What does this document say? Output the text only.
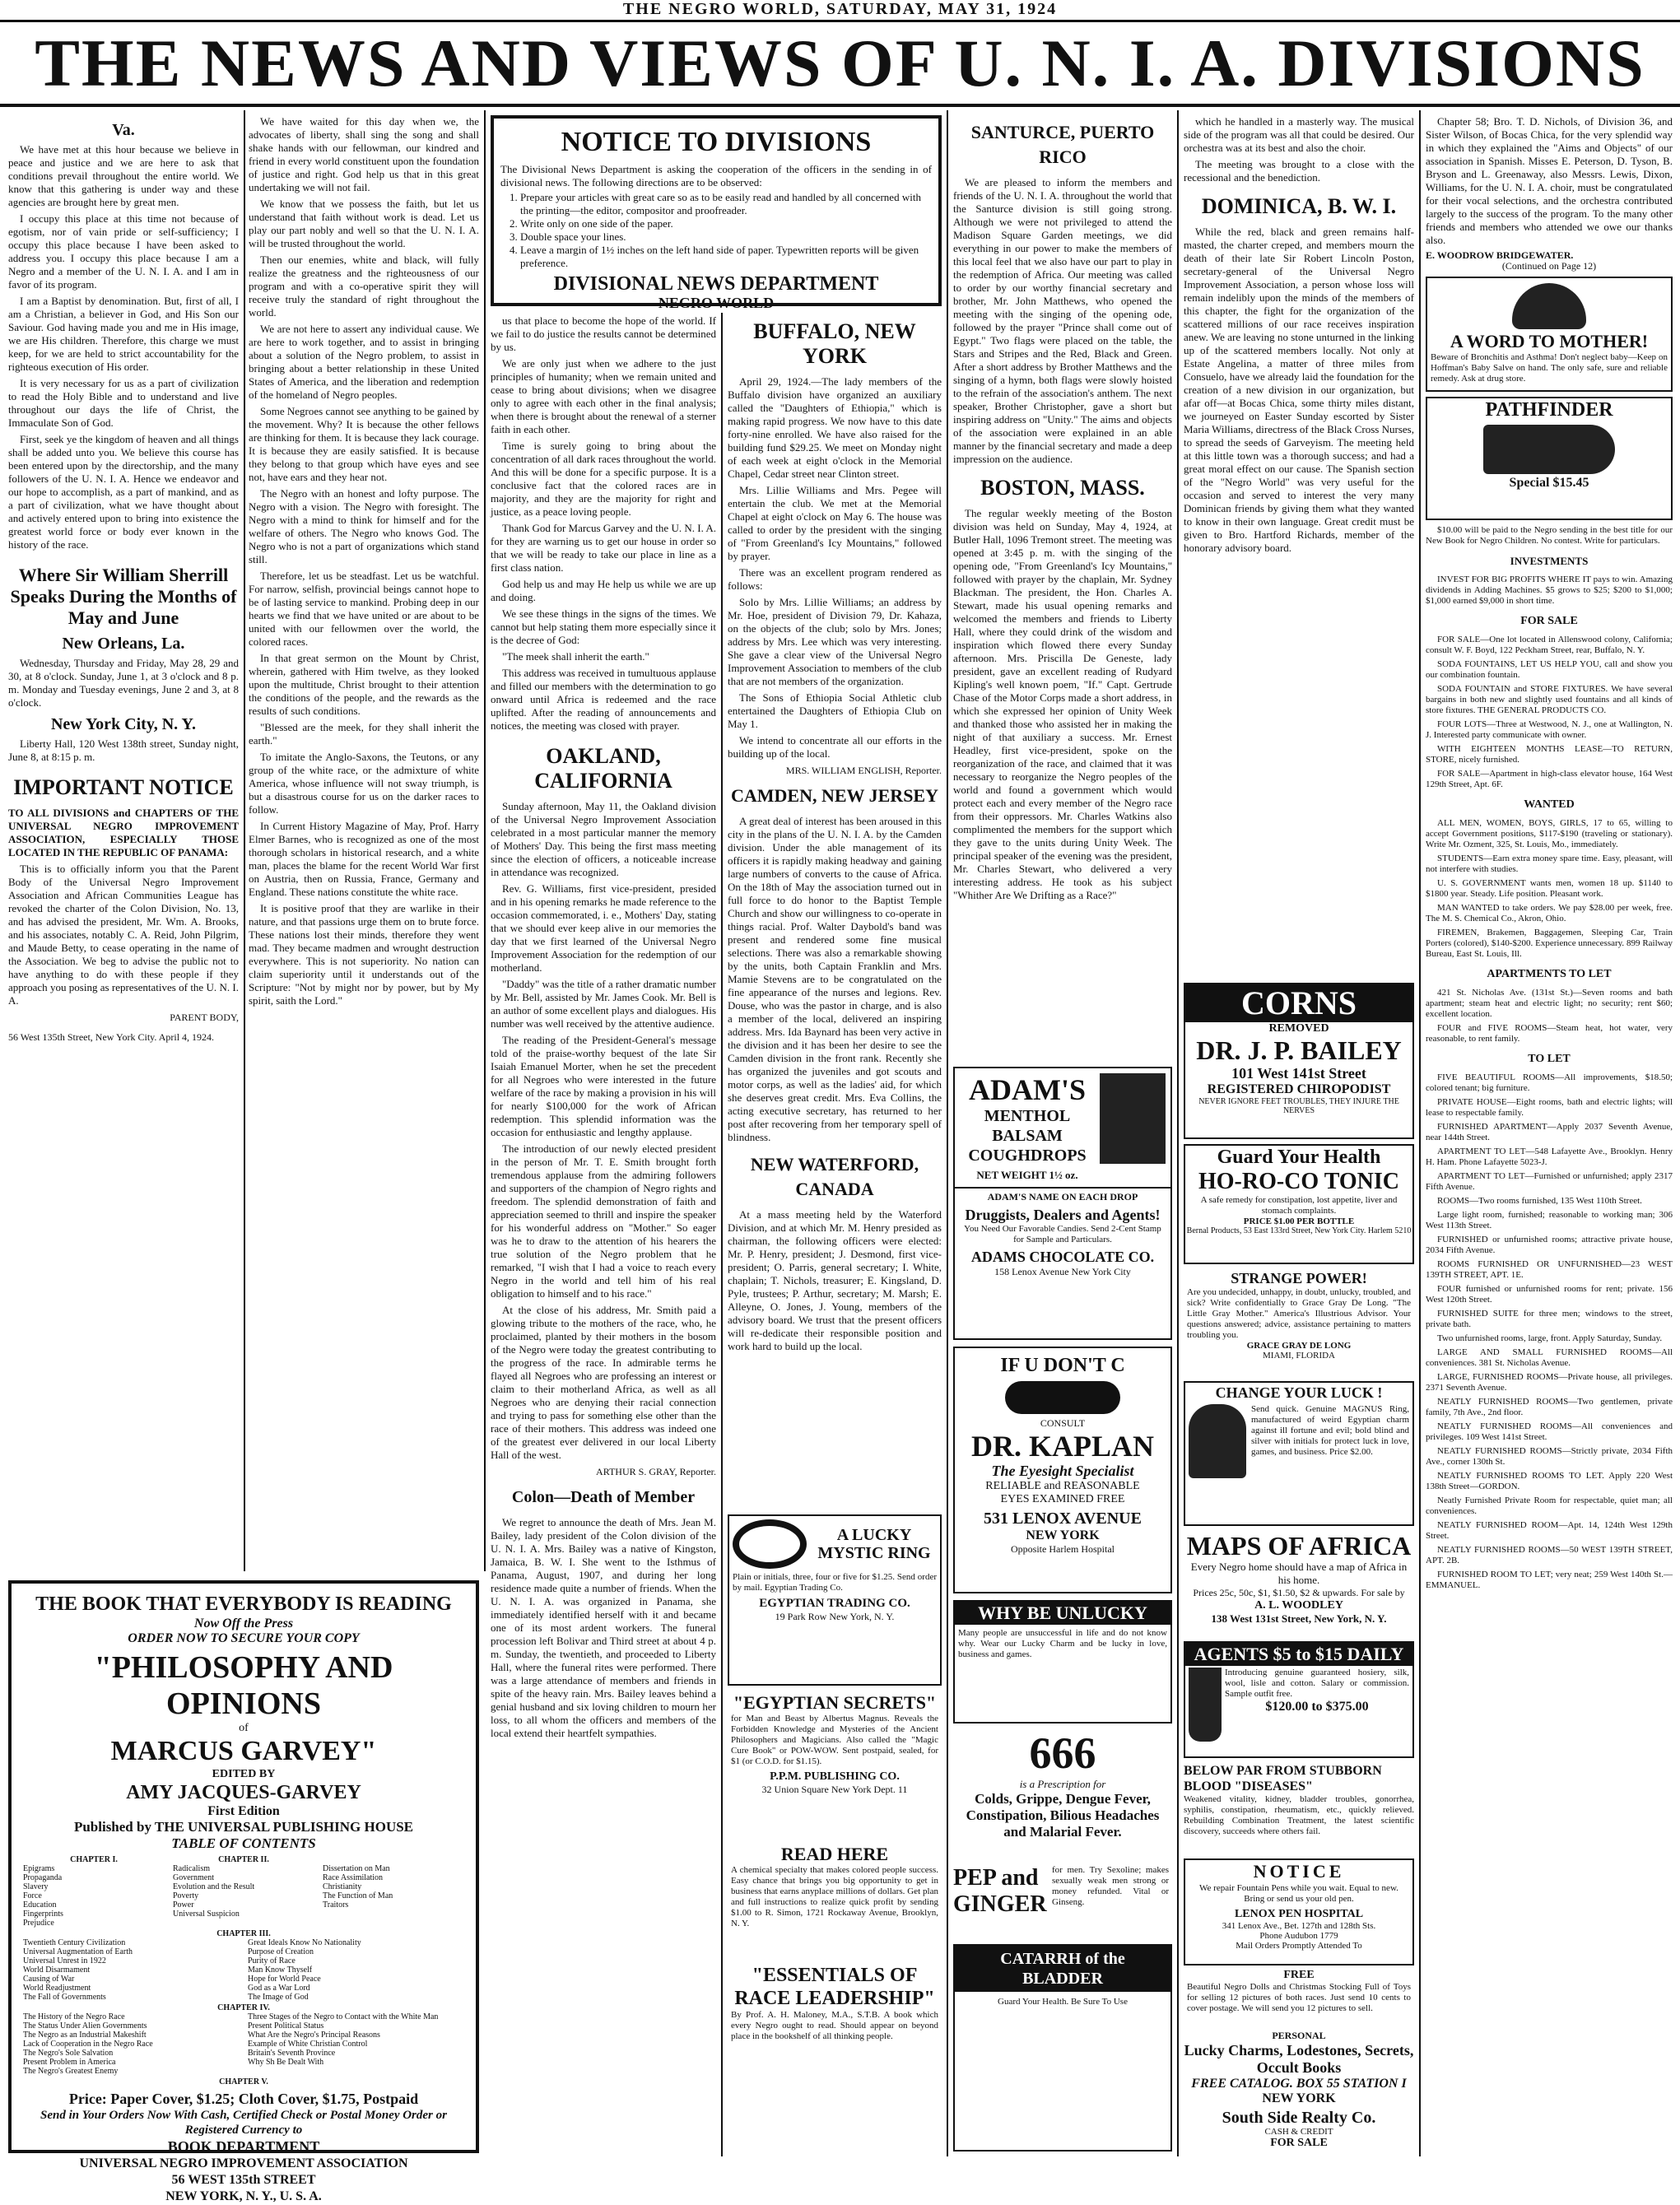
THE NEGRO WORLD, SATURDAY, MAY 31, 1924
THE NEWS AND VIEWS OF U. N. I. A. DIVISIONS
Va.

We have met at this hour because we believe in peace and justice and we are here to ask that conditions prevail throughout the entire world. We know that this gathering is under way and these agencies are brought here by great men.

I occupy this place at this time not because of egotism, nor of vain pride or self-sufficiency; I occupy this place because I have been asked to address you. I occupy this place because I am a Negro and a member of the U. N. I. A. and I am in favor of its program.

I am a Baptist by denomination. But, first of all, I am a Christian, a believer in God, and His Son our Saviour. God having made you and me in His image, we are His children. Therefore, this charge we must keep, for we are held to strict accountability for the righteous execution of His order.

It is very necessary for us as a part of civilization to read the Holy Bible and to understand and live throughout our days the life of Christ, the Immaculate Son of God.

First, seek ye the kingdom of heaven and all things shall be added unto you. We believe this course has been entered upon by the directorship, and the many followers of the U. N. I. A. Hence we endeavor and our hope to accomplish, as a part of mankind, and as a part of civilization, what we have thought about and actively entered upon to bring into existence the greatest world force or body ever known in the history of the race.

Where Sir William Sherrill Speaks During the Months of May and June
New Orleans, La.

Wednesday, Thursday and Friday, May 28, 29 and 30, at 8 o'clock. Sunday, June 1, at 3 o'clock and 8 p. m. Monday and Tuesday evenings, June 2 and 3, at 8 o'clock.

New York City, N. Y.

Liberty Hall, 120 West 138th street, Sunday night, June 8, at 8:15 p. m.

IMPORTANT NOTICE

TO ALL DIVISIONS and CHAPTERS OF THE UNIVERSAL NEGRO IMPROVEMENT ASSOCIATION, ESPECIALLY THOSE LOCATED IN THE REPUBLIC OF PANAMA:

This is to officially inform you that the Parent Body of the Universal Negro Improvement Association and African Communities League has revoked the charter of the Colon Division, No. 13, and has advised the president, Mr. Wm. A. Brooks, and his associates, notably C. A. Reid, John Pilgrim, and Maude Betty, to cease operating in the name of the Association. We beg to advise the public not to have anything to do with these people if they approach you posing as representatives of the U. N. I. A.

PARENT BODY,
56 West 135th Street, New York City. April 4, 1924.

We have waited for this day when we, the advocates of liberty, shall sing the song and shall shake hands with our fellowman, our kindred and friend in every world constituent upon the foundation of justice and right. God help us that in this great undertaking we will not fail.

We know that we possess the faith, but let us understand that faith without work is dead. Let us play our part nobly and well so that the U. N. I. A. will be trusted throughout the world.

Then our enemies, white and black, will fully realize the greatness and the righteousness of our program and with a co-operative spirit they will receive truly the standard of right throughout the world.

We are not here to assert any individual cause. We are here to work together, and to assist in bringing about a solution of the Negro problem, to assist in bringing about a better relationship in these United States of America, and the liberation and redemption of the homeland of Negro peoples.

Some Negroes cannot see anything to be gained by the movement. Why? It is because the other fellows are thinking for them. It is because they lack courage. It is because they are easily satisfied. It is because they belong to that group which have eyes and see not, have ears and they hear not.

The Negro with an honest and lofty purpose. The Negro with a vision. The Negro with foresight. The Negro with a mind to think for himself and for the welfare of others. The Negro who knows God. The Negro who is not a part of organizations which stand still.

Therefore, let us be steadfast. Let us be watchful. For narrow, selfish, provincial beings cannot hope to be of lasting service to mankind. Probing deep in our hearts we find that we have united or are about to be united with our fellowmen over the world, the colored races.

In that great sermon on the Mount by Christ, wherein, gathered with Him twelve, as they looked upon the multitude, Christ brought to their attention the conditions of the people, and the rewards as the results of such conditions.

"Blessed are the meek, for they shall inherit the earth."

To imitate the Anglo-Saxons, the Teutons, or any group of the white race, or the admixture of white America, whose influence will not sway triumph, is but a disastrous course for us on the darker races to follow.

In Current History Magazine of May, Prof. Harry Elmer Barnes, who is recognized as one of the most thorough scholars in historical research, and a white man, places the blame for the recent World War first on Austria, then on Russia, France, Germany and England. These nations constitute the white race.

It is positive proof that they are warlike in their nature, and that passions urge them on to brute force. These nations lost their minds, therefore they went mad. They became madmen and wrought destruction everywhere. This is not superiority. No nation can claim superiority until it understands out of the Scripture: "Not by might nor by power, but by My spirit, saith the Lord."

NOTICE TO DIVISIONS
The Divisional News Department is asking the cooperation of the officers in the sending in of divisional news. The following directions are to be observed:
1. Prepare your articles with great care so as to be easily read and handled by all concerned with the printing—the editor, compositor and proofreader.
2. Write only on one side of the paper.
3. Double space your lines.
4. Leave a margin of 1½ inches on the left hand side of paper. Typewritten reports will be given preference.
DIVISIONAL NEWS DEPARTMENT
NEGRO WORLD

us that place to become the hope of the world. If we fail to do justice the results cannot be determined by us.

We are only just when we adhere to the just principles of humanity; when we remain united and cease to bring about divisions; when we disagree only to agree with each other in the final analysis; when there is brought about the renewal of a sterner faith in each other.

Time is surely going to bring about the concentration of all dark races throughout the world. And this will be done for a specific purpose. It is a conclusive fact that the colored races are in majority, and they are the majority for right and justice, as a peace loving people.

Thank God for Marcus Garvey and the U. N. I. A. for they are warning us to get our house in order so that we will be ready to take our place in line as a first class nation.

God help us and may He help us while we are up and doing.

We see these things in the signs of the times. We cannot but help stating them more especially since it is the decree of God:

"The meek shall inherit the earth."

This address was received in tumultuous applause and filled our members with the determination to go onward until Africa is redeemed and the race uplifted. After the reading of announcements and notices, the meeting was closed with prayer.

OAKLAND, CALIFORNIA

Sunday afternoon, May 11, the Oakland division of the Universal Negro Improvement Association celebrated in a most particular manner the memory of Mothers' Day. This being the first mass meeting since the election of officers, a noticeable increase in attendance was recognized.

Rev. G. Williams, first vice-president, presided and in his opening remarks he made reference to the occasion commemorated, i. e., Mothers' Day, stating that we should ever keep alive in our memories the day that we first learned of the Universal Negro Improvement Association for the redemption of our motherland.

"Daddy" was the title of a rather dramatic number by Mr. Bell, assisted by Mr. James Cook. Mr. Bell is an author of some excellent plays and dialogues. His number was well received by the attentive audience.

The reading of the President-General's message told of the praise-worthy bequest of the late Sir Isaiah Emanuel Morter, when he set the precedent for all Negroes who were interested in the future welfare of the race by making a provision in his will for nearly $100,000 for the work of African redemption. This splendid information was the occasion for enthusiastic and lengthy applause.

The introduction of our newly elected president in the person of Mr. T. E. Smith brought forth tremendous applause from the admiring followers and supporters of the champion of Negro rights and freedom. The splendid demonstration of faith and appreciation seemed to thrill and inspire the speaker for his wonderful address on "Mother." So eager was he to draw to the attention of his hearers the true solution of the Negro problem that he remarked, "I wish that I had a voice to reach every Negro in the world and tell him of his real obligation to himself and to his race."

At the close of his address, Mr. Smith paid a glowing tribute to the mothers of the race, who, he proclaimed, planted by their mothers in the bosom of the Negro were today the greatest contributing to the progress of the race. In admirable terms he flayed all Negroes who are professing an interest or claim to their motherland Africa, as well as all Negroes who are denying their racial connection and trying to pass for something else other than the race of their mothers. This address was indeed one of the greatest ever delivered in our local Liberty Hall of the west.

ARTHUR S. GRAY, Reporter.
Colon—Death of Member

We regret to announce the death of Mrs. Jean M. Bailey, lady president of the Colon division of the U. N. I. A. Mrs. Bailey was a native of Kingston, Jamaica, B. W. I. She went to the Isthmus of Panama, August, 1907, and during her long residence made quite a number of friends. When the U. N. I. A. was organized in Panama, she immediately identified herself with it and became one of its most ardent workers. The funeral procession left Bolivar and Third street at about 4 p. m. Sunday, the twentieth, and proceeded to Liberty Hall, where the funeral rites were performed. There was a large attendance of members and friends in spite of the heavy rain. Mrs. Bailey leaves behind a genial husband and six loving children to mourn her loss, to all whom the officers and members of the local extend their heartfelt sympathies.

BUFFALO, NEW YORK

April 29, 1924.—The lady members of the Buffalo division have organized an auxiliary called the "Daughters of Ethiopia," which is making rapid progress. We now have to this date forty-nine enrolled. We have also raised for the building fund $29.25. We meet on Monday night of each week at eight o'clock in the Memorial Chapel, Cedar street near Clinton street.

Mrs. Lillie Williams and Mrs. Pegee will entertain the club. We met at the Memorial Chapel at eight o'clock on May 6. The house was called to order by the president with the singing of "From Greenland's Icy Mountains," followed by prayer.

There was an excellent program rendered as follows:

Solo by Mrs. Lillie Williams; an address by Mr. Hoe, president of Division 79, Dr. Kahaza, on the objects of the club; solo by Mrs. Jones; address by Mrs. Lee which was very interesting. She gave a clear view of the Universal Negro Improvement Association to members of the club that are not members of the organization.

The Sons of Ethiopia Social Athletic club entertained the Daughters of Ethiopia Club on May 1.

We intend to concentrate all our efforts in the building up of the local.

MRS. WILLIAM ENGLISH, Reporter.
CAMDEN, NEW JERSEY

A great deal of interest has been aroused in this city in the plans of the U. N. I. A. by the Camden division. Under the able management of its officers it is rapidly making headway and gaining large numbers of converts to the cause of Africa. On the 18th of May the association turned out in full force to do honor to the Baptist Temple Church and show our willingness to co-operate in things racial. Prof. Walter Daybold's band was present and rendered some fine musical selections. There was also a remarkable showing by the units, both Captain Franklin and Mrs. Mamie Stevens are to be congratulated on the fine appearance of the nurses and legions. Rev. Douse, who was the pastor in charge, and is also a member of the local, delivered an inspiring address. Mrs. Ida Baynard has been very active in the division and it has been her desire to see the Camden division in the front rank. Recently she has organized the juveniles and got scouts and motor corps, as well as the ladies' aid, for which she deserves great credit. Mrs. Eva Collins, the acting executive secretary, has returned to her post after recovering from her temporary spell of blindness.

NEW WATERFORD, CANADA

At a mass meeting held by the Waterford Division, and at which Mr. M. Henry presided as chairman, the following officers were elected: Mr. P. Henry, president; J. Desmond, first vice-president; O. Parris, general secretary; I. White, chaplain; T. Nichols, treasurer; E. Kingsland, D. Pyle, trustees; P. Arthur, secretary; M. Marsh; E. Alleyne, O. Jones, J. Young, members of the advisory board. We trust that the present officers will re-dedicate their responsible position and work hard to build up the local.

A LUCKY MYSTIC RING
Plain or initials, three, four or five for $1.25. Send order by mail. Egyptian Trading Co.
EGYPTIAN TRADING CO.
19 Park Row New York, N. Y.
"EGYPTIAN SECRETS"
for Man and Beast by Albertus Magnus. Reveals the Forbidden Knowledge and Mysteries of the Ancient Philosophers and Magicians. Also called the "Magic Cure Book" or POW-WOW. Sent postpaid, sealed, for $1 (or C.O.D. for $1.15).
P.P.M. PUBLISHING CO.
32 Union Square New York Dept. 11
READ HERE
A chemical specialty that makes colored people success. Easy chance that brings you big opportunity to get in business that earns anyplace millions of dollars. Get plan and full instructions to realize quick profit by sending $1.00 to R. Simon, 1721 Rockaway Avenue, Brooklyn, N. Y.
"ESSENTIALS OF RACE LEADERSHIP"
By Prof. A. H. Maloney, M.A., S.T.B. A book which every Negro ought to read. Should appear on beyond place in the bookshelf of all thinking people.
SANTURCE, PUERTO RICO

We are pleased to inform the members and friends of the U. N. I. A. throughout the world that the Santurce division is still going strong. Although we were not privileged to attend the Madison Square Garden meetings, we did everything in our power to make the members of this local feel that we also have our part to play in the redemption of Africa. Our meeting was called to order by our worthy financial secretary and brother, Mr. John Matthews, who opened the meeting with the singing of the opening ode, followed by the prayer "Prince shall come out of Egypt." Two flags were placed on the table, the Stars and Stripes and the Red, Black and Green. After a short address by Brother Matthews and the singing of a hymn, both flags were slowly hoisted to the refrain of the association's anthem. The next speaker, Brother Christopher, gave a short but inspiring address on "Unity." The aims and objects of the association were explained in an able manner by the financial secretary and made a deep impression on the audience.

BOSTON, MASS.

The regular weekly meeting of the Boston division was held on Sunday, May 4, 1924, at Butler Hall, 1096 Tremont street. The meeting was opened at 3:45 p. m. with the singing of the opening ode, "From Greenland's Icy Mountains," followed with prayer by the chaplain, Mr. Sydney Blackman. The president, the Hon. Charles A. Stewart, made his usual opening remarks and welcomed the members and friends to Liberty Hall, where they could drink of the wisdom and inspiration which flowed there every Sunday afternoon. Mrs. Priscilla De Geneste, lady president, gave an excellent reading of Rudyard Kipling's well known poem, "If." Capt. Gertrude Chase of the Motor Corps made a short address, in which she expressed her opinion of Unity Week and thanked those who assisted her in making the night of that auxiliary a success. Mr. Ernest Headley, first vice-president, spoke on the reorganization of the race, and claimed that it was necessary to reorganize the Negro peoples of the world and found a government which would protect each and every member of the Negro race from their oppressors. Mr. Charles Watkins also complimented the members for the support which they gave to the units during Unity Week. The principal speaker of the evening was the president, Mr. Charles Stewart, who delivered a very interesting address. He took as his subject "Whither Are We Drifting as a Race?"

ADAM'S
MENTHOL BALSAM COUGHDROPS
NET WEIGHT 1½ oz.
ADAM'S NAME ON EACH DROP
Druggists, Dealers and Agents!
You Need Our Favorable Candies. Send 2-Cent Stamp for Sample and Particulars.
ADAMS CHOCOLATE CO.
158 Lenox Avenue New York City
IF U DON'T C
CONSULT
DR. KAPLAN
The Eyesight Specialist
RELIABLE and REASONABLE
EYES EXAMINED FREE
531 LENOX AVENUE
NEW YORK
Opposite Harlem Hospital
WHY BE UNLUCKY
Many people are unsuccessful in life and do not know why. Wear our Lucky Charm and be lucky in love, business and games.
666
is a Prescription for
Colds, Grippe, Dengue Fever, Constipation, Bilious Headaches and Malarial Fever.
PEP and GINGER
for men. Try Sexoline; makes sexually weak men strong or money refunded. Vital or Ginseng.
CATARRH of the BLADDER
Guard Your Health. Be Sure To Use

which he handled in a masterly way. The musical side of the program was all that could be desired. Our orchestra was at its best and also the choir.

The meeting was brought to a close with the recessional and the benediction.

DOMINICA, B. W. I.

While the red, black and green remains half-masted, the charter creped, and members mourn the death of their late Sir Robert Lincoln Poston, secretary-general of the Universal Negro Improvement Association, a person whose loss will remain indelibly upon the minds of the members of this chapter, the fight for the organization of the scattered millions of our race receives inspiration anew. We are leaving no stone unturned in the linking up of the scattered members locally. Not only at Estate Angelina, a matter of three miles from Consuelo, have we already laid the foundation for the creation of a new division in our organization, but afar off—at Bocas Chica, some thirty miles distant, we journeyed on Easter Sunday escorted by Sister Maria Williams, directress of the Black Cross Nurses, to spread the seeds of Garveyism. The meeting held at this little town was a thorough success; and had a great moral effect on our cause. The Spanish section of the "Negro World" was very useful for the occasion and served to interest the very many Dominican friends by giving them what they wanted to know in their own language. Great credit must be given to Bro. Hartford Richards, member of the honorary advisory board.

CORNS
REMOVED
DR. J. P. BAILEY
101 West 141st Street
REGISTERED CHIROPODIST
NEVER IGNORE FEET TROUBLES, THEY INJURE THE NERVES
Guard Your Health
HO-RO-CO TONIC
A safe remedy for constipation, lost appetite, liver and stomach complaints.
PRICE $1.00 PER BOTTLE
Bernal Products, 53 East 133rd Street, New York City. Harlem 5210
STRANGE POWER!
Are you undecided, unhappy, in doubt, unlucky, troubled, and sick? Write confidentially to Grace Gray De Long. "The Little Gray Mother." America's Illustrious Advisor. Your questions answered; advice, assistance pertaining to matters troubling you.
GRACE GRAY DE LONG
MIAMI, FLORIDA
CHANGE YOUR LUCK !
Send quick. Genuine MAGNUS Ring, manufactured of weird Egyptian charm against ill fortune and evil; bold blind and silver with initials for protect luck in love, games, and business. Price $2.00.
MAPS OF AFRICA
Every Negro home should have a map of Africa in his home.
Prices 25c, 50c, $1, $1.50, $2 & upwards. For sale by
A. L. WOODLEY
138 West 131st Street, New York, N. Y.
AGENTS $5 to $15 DAILY
Introducing genuine guaranteed hosiery, silk, wool, lisle and cotton. Salary or commission. Sample outfit free.
$120.00 to $375.00
BELOW PAR FROM STUBBORN BLOOD "DISEASES"
Weakened vitality, kidney, bladder troubles, gonorrhea, syphilis, constipation, rheumatism, etc., quickly relieved. Rebuilding Combination Treatment, the latest scientific discovery, succeeds where others fail.
NOTICE
We repair Fountain Pens while you wait. Equal to new. Bring or send us your old pen.
LENOX PEN HOSPITAL
341 Lenox Ave., Bet. 127th and 128th Sts.
Phone Audubon 1779
Mail Orders Promptly Attended To
FREE
Beautiful Negro Dolls and Christmas Stocking Full of Toys for selling 12 pictures of both races. Just send 10 cents to cover postage. We will send you 12 pictures to sell.
PERSONAL
Lucky Charms, Lodestones, Secrets, Occult Books
FREE CATALOG. BOX 55 STATION I
NEW YORK
South Side Realty Co.
CASH & CREDIT
FOR SALE

Chapter 58; Bro. T. D. Nichols, of Division 36, and Sister Wilson, of Bocas Chica, for the very splendid way in which they explained the "Aims and Objects" of our association in Spanish. Misses E. Peterson, D. Tyson, B. Bryson and L. Greenaway, also Messrs. Lewis, Dixon, Williams, for the U. N. I. A. choir, must be congratulated for their vocal selections, and the orchestra contributed largely to the success of the program. To the many other friends and members who attended we owe our thanks also.

E. WOODROW BRIDGEWATER.
(Continued on Page 12)
A WORD TO MOTHER!
Beware of Bronchitis and Asthma! Don't neglect baby—Keep on Hoffman's Baby Salve on hand. The only safe, sure and reliable remedy. Ask at drug store.
PATHFINDER
Special $15.45

$10.00 will be paid to the Negro sending in the best title for our New Book for Negro Children. No contest. Write for particulars.

INVESTMENTS

INVEST FOR BIG PROFITS WHERE IT pays to win. Amazing dividends in Adding Machines. $5 grows to $25; $200 to $1,000; $1,000 earned $9,000 in short time.

FOR SALE

FOR SALE—One lot located in Allenswood colony, California; consult W. F. Boyd, 122 Peckham Street, rear, Buffalo, N. Y.

SODA FOUNTAINS, LET US HELP YOU, call and show you our combination fountain.

SODA FOUNTAIN and STORE FIXTURES. We have several bargains in both new and slightly used fountains and all kinds of store fixtures. THE GENERAL PRODUCTS CO.

FOUR LOTS—Three at Westwood, N. J., one at Wallington, N. J. Interested party communicate with owner.

WITH EIGHTEEN MONTHS LEASE—TO RETURN, STORE, nicely furnished.

FOR SALE—Apartment in high-class elevator house, 164 West 129th Street, Apt. 6F.

WANTED

ALL MEN, WOMEN, BOYS, GIRLS, 17 to 65, willing to accept Government positions, $117-$190 (traveling or stationary). Write Mr. Ozment, 325, St. Louis, Mo., immediately.

STUDENTS—Earn extra money spare time. Easy, pleasant, will not interfere with studies.

U. S. GOVERNMENT wants men, women 18 up. $1140 to $1800 year. Steady. Life position. Pleasant work.

MAN WANTED to take orders. We pay $28.00 per week, free. The M. S. Chemical Co., Akron, Ohio.

FIREMEN, Brakemen, Baggagemen, Sleeping Car, Train Porters (colored), $140-$200. Experience unnecessary. 899 Railway Bureau, East St. Louis, Ill.

APARTMENTS TO LET

421 St. Nicholas Ave. (131st St.)—Seven rooms and bath apartment; steam heat and electric light; no security; rent $60; excellent location.

FOUR and FIVE ROOMS—Steam heat, hot water, very reasonable, to rent family.

TO LET

FIVE BEAUTIFUL ROOMS—All improvements, $18.50; colored tenant; big furniture.

PRIVATE HOUSE—Eight rooms, bath and electric lights; will lease to respectable family.

FURNISHED APARTMENT—Apply 2037 Seventh Avenue, near 144th Street.

APARTMENT TO LET—548 Lafayette Ave., Brooklyn. Henry H. Ham. Phone Lafayette 5023-J.

APARTMENT TO LET—Furnished or unfurnished; apply 2317 Fifth Avenue.

ROOMS—Two rooms furnished, 135 West 110th Street.

Large light room, furnished; reasonable to working man; 306 West 113th Street.

FURNISHED or unfurnished rooms; attractive private house, 2034 Fifth Avenue.

ROOMS FURNISHED OR UNFURNISHED—23 WEST 139TH STREET, APT. 1E.

FOUR furnished or unfurnished rooms for rent; private. 156 West 120th Street.

FURNISHED SUITE for three men; windows to the street, private bath.

Two unfurnished rooms, large, front. Apply Saturday, Sunday.

LARGE AND SMALL FURNISHED ROOMS—All conveniences. 381 St. Nicholas Avenue.

LARGE, FURNISHED ROOMS—Private house, all privileges. 2371 Seventh Avenue.

NEATLY FURNISHED ROOMS—Two gentlemen, private family, 7th Ave., 2nd floor.

NEATLY FURNISHED ROOMS—All conveniences and privileges. 109 West 141st Street.

NEATLY FURNISHED ROOMS—Strictly private, 2034 Fifth Ave., corner 130th St.

NEATLY FURNISHED ROOMS TO LET. Apply 220 West 138th Street—GORDON.

Neatly Furnished Private Room for respectable, quiet man; all conveniences.

NEATLY FURNISHED ROOM—Apt. 14, 124th West 129th Street.

NEATLY FURNISHED ROOMS—50 WEST 139TH STREET, APT. 2B.

FURNISHED ROOM TO LET; very neat; 259 West 140th St.—EMMANUEL.

THE BOOK THAT EVERYBODY IS READING
Now Off the Press
ORDER NOW TO SECURE YOUR COPY
"PHILOSOPHY AND OPINIONS
of
MARCUS GARVEY"
EDITED BY
AMY JACQUES-GARVEY
First Edition
Published by THE UNIVERSAL PUBLISHING HOUSE
TABLE OF CONTENTS
CHAPTER I.
Epigrams
Propaganda
Slavery
Force
Education
Fingerprints
Prejudice
CHAPTER II.
Radicalism
Government
Evolution and the Result
Poverty
Power
Universal Suspicion

Dissertation on Man
Race Assimilation
Christianity
The Function of Man
Traitors
CHAPTER III.
Twentieth Century Civilization
Universal Augmentation of Earth
Universal Unrest in 1922
World Disarmament
Causing of War
World Readjustment
The Fall of Governments
Great Ideals Know No Nationality
Purpose of Creation
Purity of Race
Man Know Thyself
Hope for World Peace
God as a War Lord
The Image of God
CHAPTER IV.
The History of the Negro Race
The Status Under Alien Governments
The Negro as an Industrial Makeshift
Lack of Cooperation in the Negro Race
The Negro's Sole Salvation
Present Problem in America
The Negro's Greatest Enemy
Three Stages of the Negro to Contact with the White Man
Present Political Status
What Are the Negro's Principal Reasons
Example of White Christian Control
Britain's Seventh Province
Why Sh Be Dealt With
CHAPTER V.
Price: Paper Cover, $1.25; Cloth Cover, $1.75, Postpaid
Send in Your Orders Now With Cash, Certified Check or Postal Money Order or Registered Currency to
BOOK DEPARTMENT
UNIVERSAL NEGRO IMPROVEMENT ASSOCIATION
56 WEST 135th STREET
NEW YORK, N. Y., U. S. A.
